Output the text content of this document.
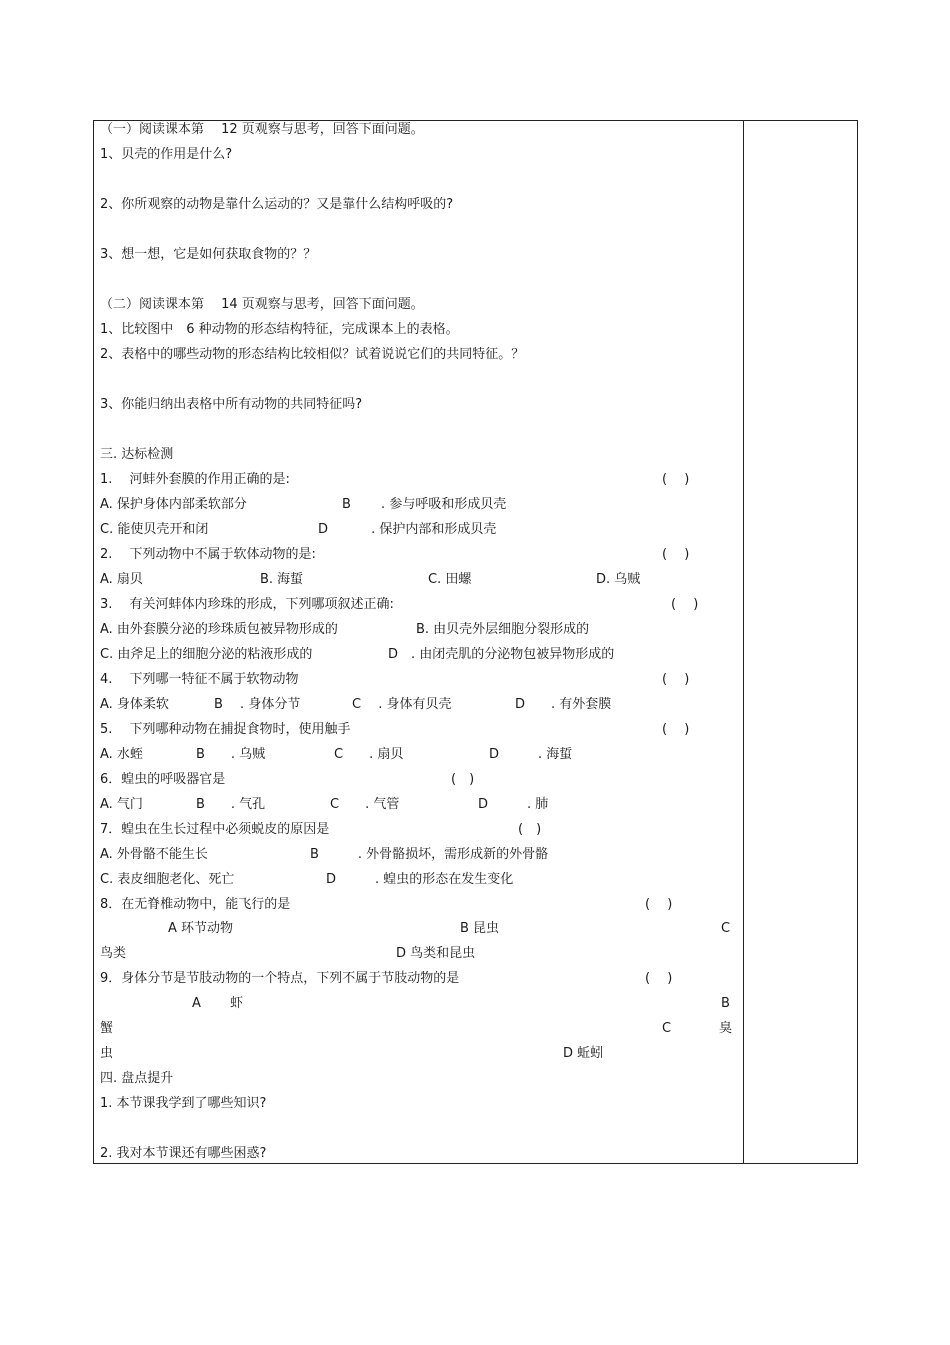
（一）阅读课本第　 12 页观察与思考，回答下面问题。
1、贝壳的作用是什么?
2、你所观察的动物是靠什么运动的？又是靠什么结构呼吸的?
3、想一想，它是如何获取食物的？？
（二）阅读课本第　 14 页观察与思考，回答下面问题。
1、比较图中　6 种动物的形态结构特征，完成课本上的表格。
2、表格中的哪些动物的形态结构比较相似？试着说说它们的共同特征。？
3、你能归纳出表格中所有动物的共同特征吗?
三. 达标检测
1.　 河蚌外套膜的作用正确的是:	(　 )
A. 保护身体内部柔软部分	B　　 . 参与呼吸和形成贝壳
C. 能使贝壳开和闭	D　　　 . 保护内部和形成贝壳
2.　 下列动物中不属于软体动物的是:	(　 )
A. 扇贝	B. 海蜇	C. 田螺	D. 乌贼
3.　 有关河蚌体内珍珠的形成，下列哪项叙述正确:	(　 )
A. 由外套膜分泌的珍珠质包被异物形成的	B. 由贝壳外层细胞分裂形成的
C. 由斧足上的细胞分泌的粘液形成的	D　. 由闭壳肌的分泌物包被异物形成的
4.　 下列哪一特征不属于软物动物	(　 )
A. 身体柔软	B　 . 身体分节	C　 . 身体有贝壳	D　　. 有外套膜
5.　 下列哪种动物在捕捉食物时，使用触手	(　 )
A. 水蛭	B　　. 乌贼	C　　. 扇贝	D　　　. 海蜇
6．蝗虫的呼吸器官是	(　)
A. 气门	B　　. 气孔	C　　. 气管	D　　　. 肺
7．蝗虫在生长过程中必须蜕皮的原因是	(　)
A. 外骨骼不能生长	B　　　. 外骨骼损坏，需形成新的外骨骼
C. 表皮细胞老化、死亡	D　　　. 蝗虫的形态在发生变化
8．在无脊椎动物中，能飞行的是	(　 )
A 环节动物	B 昆虫	C
鸟类	D 鸟类和昆虫
9．身体分节是节肢动物的一个特点，下列不属于节肢动物的是	(　 )
A 虾	B
蟹	C	臭
虫	D 蚯蚓
四. 盘点提升
1. 本节课我学到了哪些知识?
2. 我对本节课还有哪些困惑?
